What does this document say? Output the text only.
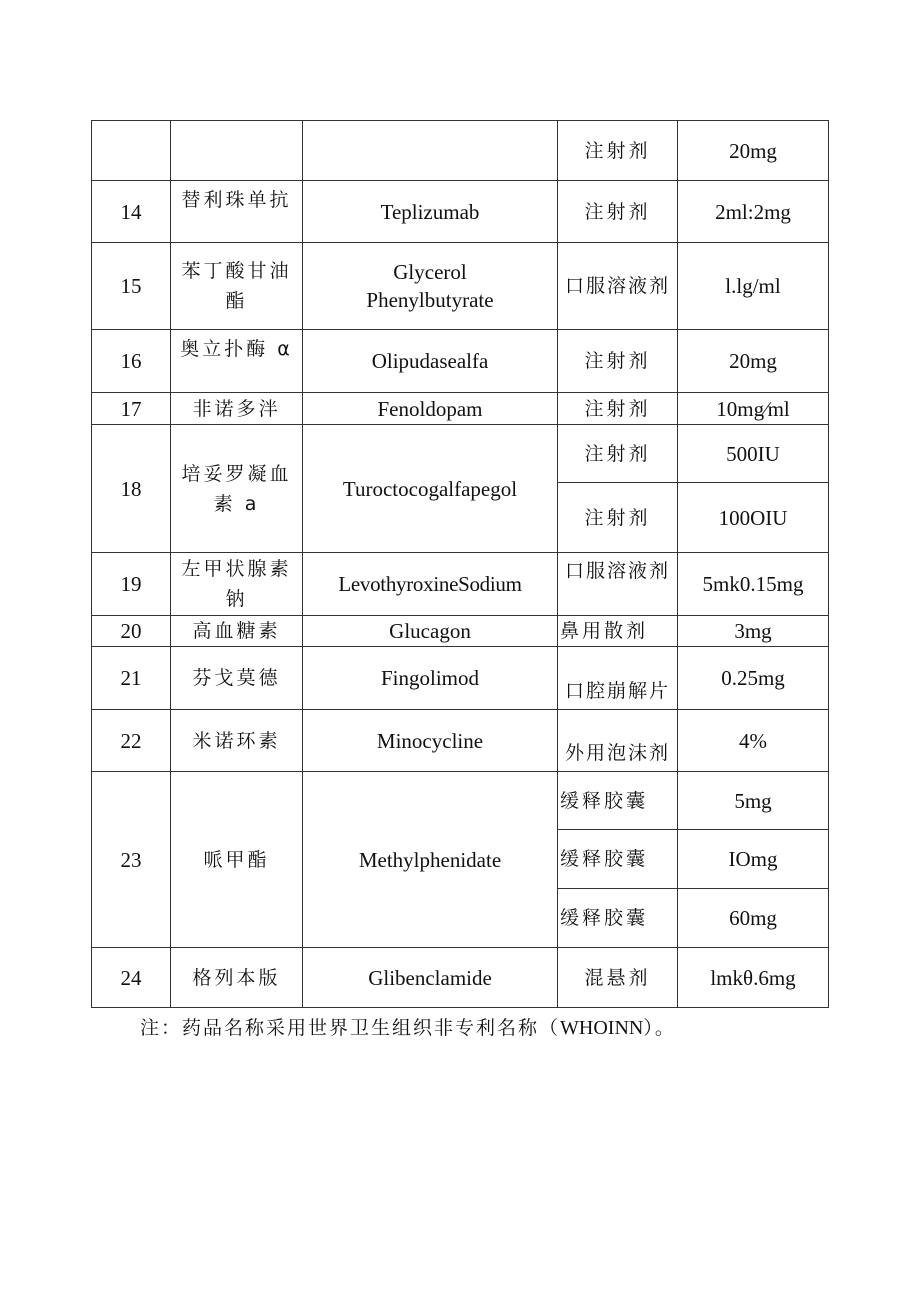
			注射剂	20mg
14	替利珠单抗	Teplizumab	注射剂	2ml:2mg
15	苯丁酸甘油酯	Glycerol Phenylbutyrate	口服溶液剂	l.lg/ml
16	奥立扑酶 α	Olipudasealfa	注射剂	20mg
17	非诺多泮	Fenoldopam	注射剂	10mg∕ml
18	培妥罗凝血素 a	Turoctocogalfapegol	注射剂	500IU
			注射剂	100OIU
19	左甲状腺素钠	LevothyroxineSodium	口服溶液剂	5mk0.15mg
20	高血糖素	Glucagon	鼻用散剂	3mg
21	芬戈莫德	Fingolimod	口腔崩解片	0.25mg
22	米诺环素	Minocycline	外用泡沫剂	4%
23	哌甲酯	Methylphenidate	缓释胶囊	5mg
			缓释胶囊	IOmg
			缓释胶囊	60mg
24	格列本版	Glibenclamide	混悬剂	lmkθ.6mg
注：药品名称采用世界卫生组织非专利名称（WHOINN）。
